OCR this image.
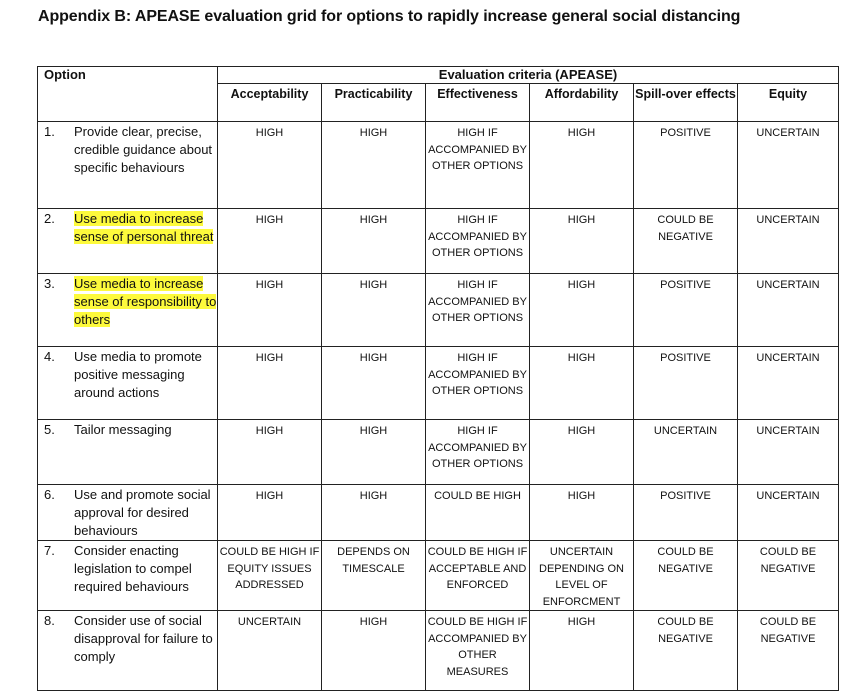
Appendix B: APEASE evaluation grid for options to rapidly increase general social distancing
Option	Evaluation criteria (APEASE)					
	Acceptability	Practicability	Effectiveness	Affordability	Spill-over effects	Equity

1. Provide clear, precise, credible guidance about specific behaviours	HIGH	HIGH	HIGH IF ACCOMPANIED BY OTHER OPTIONS	HIGH	POSITIVE	UNCERTAIN

2. Use media to increase sense of personal threat	HIGH	HIGH	HIGH IF ACCOMPANIED BY OTHER OPTIONS	HIGH	COULD BE NEGATIVE	UNCERTAIN

3. Use media to increase sense of responsibility to others	HIGH	HIGH	HIGH IF ACCOMPANIED BY OTHER OPTIONS	HIGH	POSITIVE	UNCERTAIN

4. Use media to promote positive messaging around actions	HIGH	HIGH	HIGH IF ACCOMPANIED BY OTHER OPTIONS	HIGH	POSITIVE	UNCERTAIN

5. Tailor messaging	HIGH	HIGH	HIGH IF ACCOMPANIED BY OTHER OPTIONS	HIGH	UNCERTAIN	UNCERTAIN

6. Use and promote social approval for desired behaviours	HIGH	HIGH	COULD BE HIGH	HIGH	POSITIVE	UNCERTAIN

7. Consider enacting legislation to compel required behaviours	COULD BE HIGH IF EQUITY ISSUES ADDRESSED	DEPENDS ON TIMESCALE	COULD BE HIGH IF ACCEPTABLE AND ENFORCED	UNCERTAIN DEPENDING ON LEVEL OF ENFORCMENT	COULD BE NEGATIVE	COULD BE NEGATIVE

8. Consider use of social disapproval for failure to comply	UNCERTAIN	HIGH	COULD BE HIGH IF ACCOMPANIED BY OTHER MEASURES	HIGH	COULD BE NEGATIVE	COULD BE NEGATIVE
